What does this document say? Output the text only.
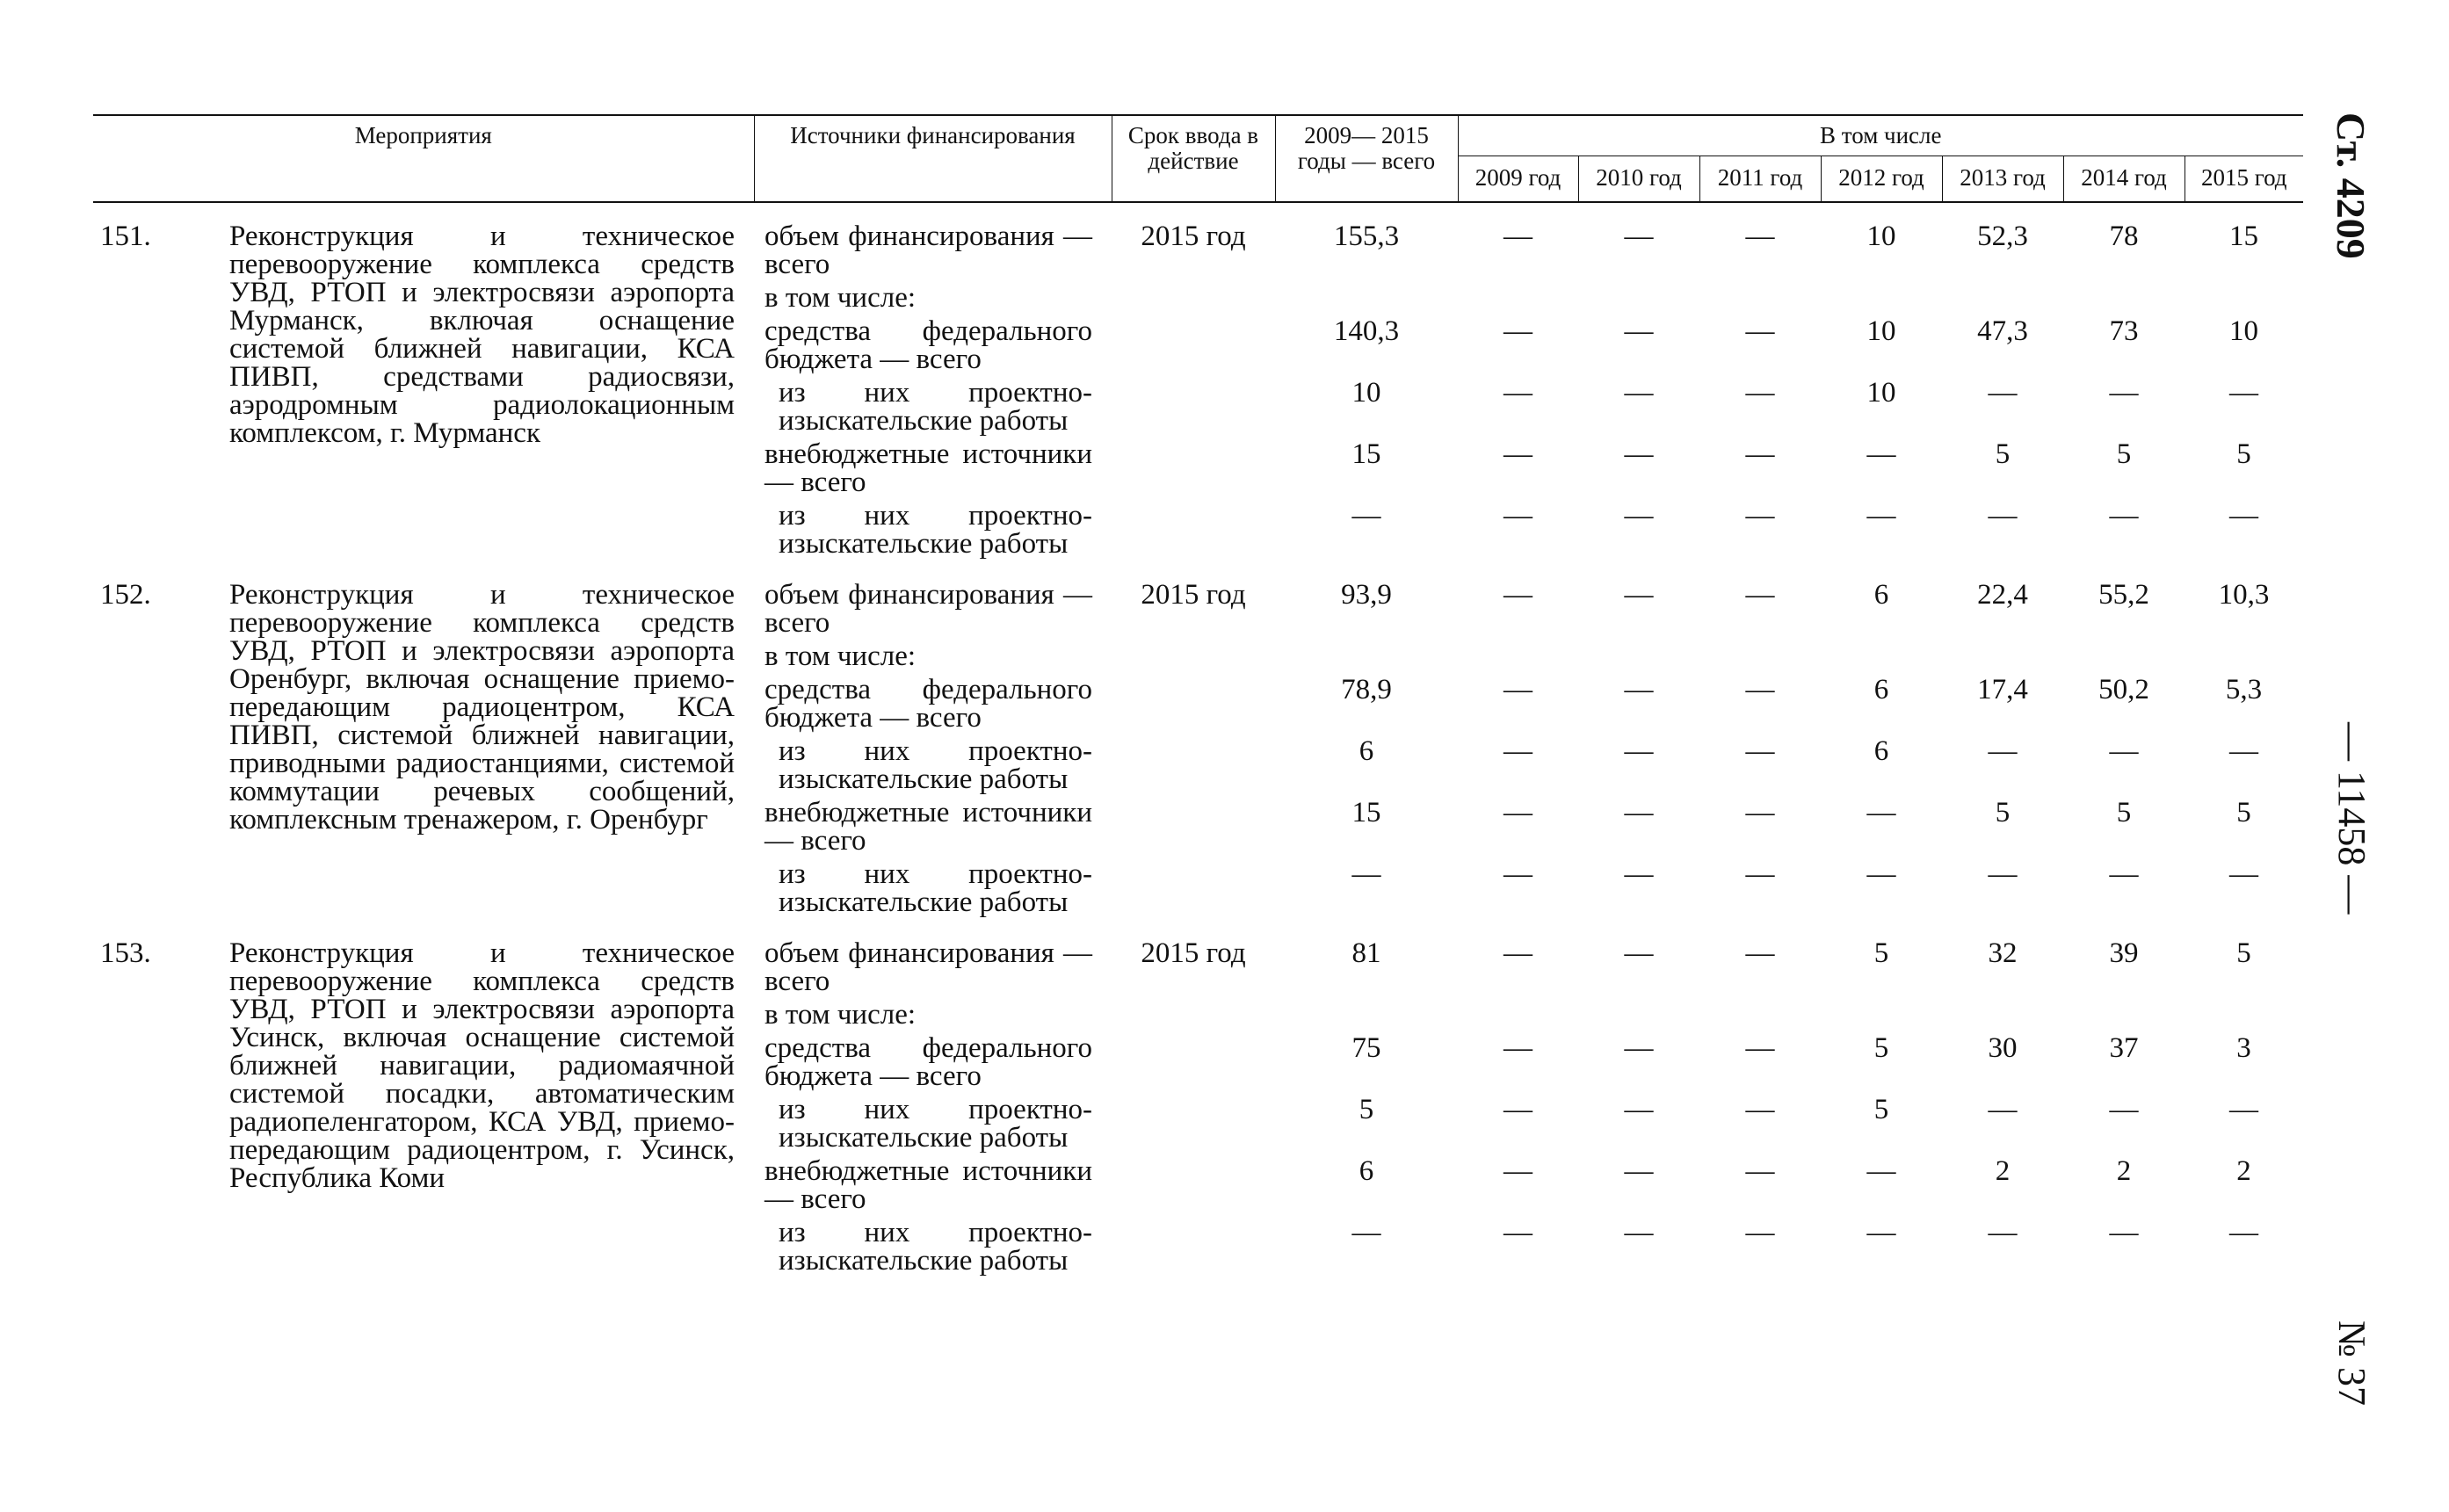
Мероприятия		Источники финансирования	Срок ввода в действие	2009— 2015 годы — всего	В том числе						
					2009 год	2010 год	2011 год	2012 год	2013 год	2014 год	2015 год
151.	Реконструкция и техническое перевооружение комплекса средств УВД, РТОП и электросвязи аэропорта Мурманск, включая оснащение системой ближней навигации, КСА ПИВП, средствами радиосвязи, аэродромным радиолокационным комплексом, г. Мурманск	объем финансирования — всего	2015 год	155,3	—	—	—	10	52,3	78	15

		в том числе:									

		средства федерального бюджета — всего		140,3	—	—	—	10	47,3	73	10

		из них проектно-изыскательские работы		10	—	—	—	10	—	—	—

		внебюджетные источники — всего		15	—	—	—	—	5	5	5

		из них проектно-изыскательские работы		—	—	—	—	—	—	—	—
152.	Реконструкция и техническое перевооружение комплекса средств УВД, РТОП и электросвязи аэропорта Оренбург, включая оснащение приемо-передающим радиоцентром, КСА ПИВП, системой ближней навигации, приводными радиостанциями, системой коммутации речевых сообщений, комплексным тренажером, г. Оренбург	объем финансирования — всего	2015 год	93,9	—	—	—	6	22,4	55,2	10,3

		в том числе:									

		средства федерального бюджета — всего		78,9	—	—	—	6	17,4	50,2	5,3

		из них проектно-изыскательские работы		6	—	—	—	6	—	—	—

		внебюджетные источники — всего		15	—	—	—	—	5	5	5

		из них проектно-изыскательские работы		—	—	—	—	—	—	—	—
153.	Реконструкция и техническое перевооружение комплекса средств УВД, РТОП и электросвязи аэропорта Усинск, включая оснащение системой ближней навигации, радиомаячной системой посадки, автоматическим радиопеленгатором, КСА УВД, приемо-передающим радиоцентром, г. Усинск, Республика Коми	объем финансирования — всего	2015 год	81	—	—	—	5	32	39	5

		в том числе:									

		средства федерального бюджета — всего		75	—	—	—	5	30	37	3

		из них проектно-изыскательские работы		5	—	—	—	5	—	—	—

		внебюджетные источники — всего		6	—	—	—	—	2	2	2

		из них проектно-изыскательские работы		—	—	—	—	—	—	—	—
Ст. 4209
— 11458 —
№ 37
